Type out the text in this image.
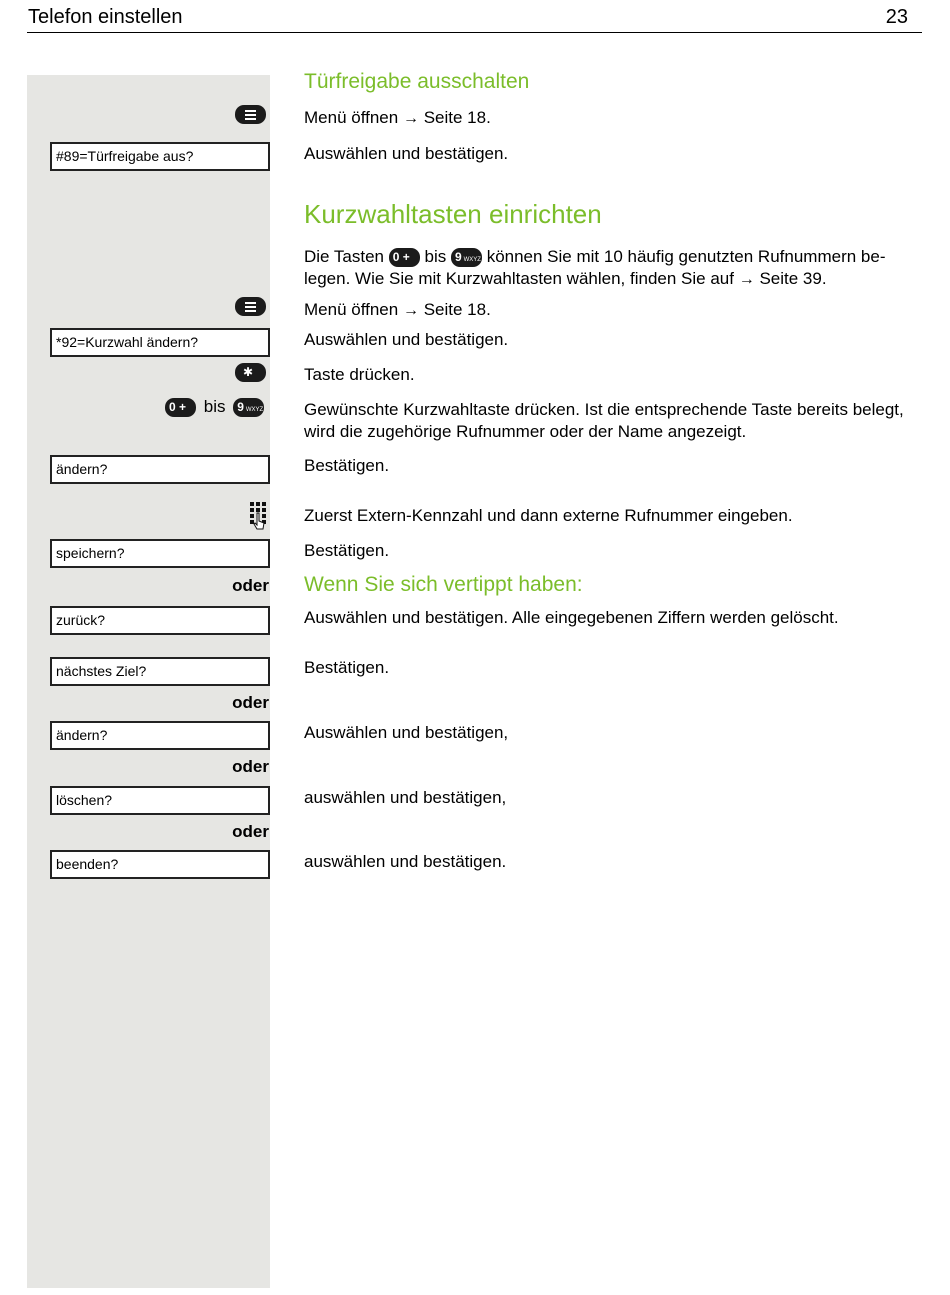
Telefon einstellen	23
Türfreigabe ausschalten
Menü öffnen → Seite 18.
#89=Türfreigabe aus?	Auswählen und bestätigen.
Kurzwahltasten einrichten
Die Tasten 0 + bis 9 WXYZ können Sie mit 10 häufig genutzten Rufnummern be-
legen. Wie Sie mit Kurzwahltasten wählen, finden Sie auf → Seite 39.
Menü öffnen → Seite 18.
*92=Kurzwahl ändern?	Auswählen und bestätigen.
✱	Taste drücken.
0 + bis 9 WXYZ Gewünschte Kurzwahltaste drücken. Ist die entsprechende Taste bereits belegt,
wird die zugehörige Rufnummer oder der Name angezeigt.
ändern?	Bestätigen.
Zuerst Extern-Kennzahl und dann externe Rufnummer eingeben.
speichern?	Bestätigen.
oder Wenn Sie sich vertippt haben:
zurück?	Auswählen und bestätigen. Alle eingegebenen Ziffern werden gelöscht.
nächstes Ziel?	Bestätigen.
oder
ändern?	Auswählen und bestätigen,
oder
löschen?	auswählen und bestätigen,
oder
beenden?	auswählen und bestätigen.
